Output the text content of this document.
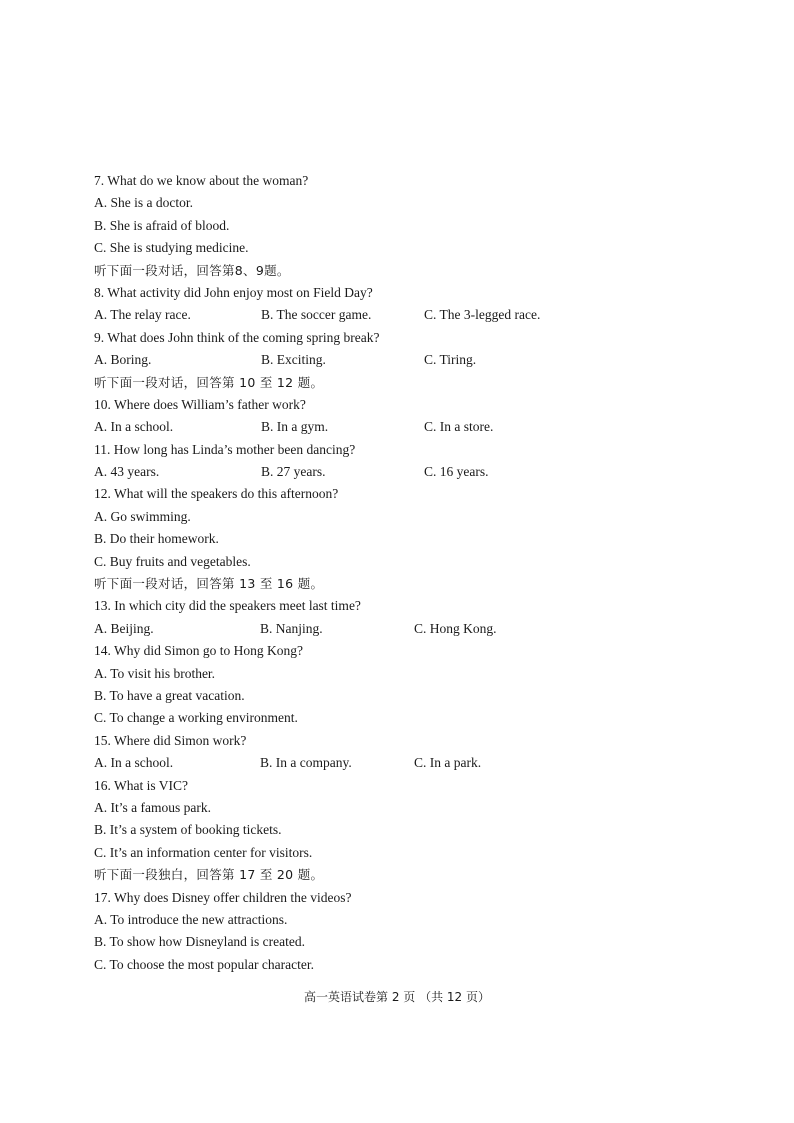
7. What do we know about the woman?
A. She is a doctor.
B. She is afraid of blood.
C. She is studying medicine.
听下面一段对话，回答第8、9题。
8. What activity did John enjoy most on Field Day?
A. The relay race.	B. The soccer game.	C. The 3-legged race.
9. What does John think of the coming spring break?
A. Boring.	B. Exciting.	C. Tiring.
听下面一段对话，回答第 10 至 12 题。
10. Where does William’s father work?
A. In a school.	B. In a gym.	C. In a store.
11. How long has Linda’s mother been dancing?
A. 43 years.	B. 27 years.	C. 16 years.
12. What will the speakers do this afternoon?
A. Go swimming.
B. Do their homework.
C. Buy fruits and vegetables.
听下面一段对话，回答第 13 至 16 题。
13. In which city did the speakers meet last time?
A. Beijing.	B. Nanjing.	C. Hong Kong.
14. Why did Simon go to Hong Kong?
A. To visit his brother.
B. To have a great vacation.
C. To change a working environment.
15. Where did Simon work?
A. In a school.	B. In a company.	C. In a park.
16. What is VIC?
A. It’s a famous park.
B. It’s a system of booking tickets.
C. It’s an information center for visitors.
听下面一段独白，回答第 17 至 20 题。
17. Why does Disney offer children the videos?
A. To introduce the new attractions.
B. To show how Disneyland is created.
C. To choose the most popular character.
高一英语试卷第 2 页 （共 12 页）
